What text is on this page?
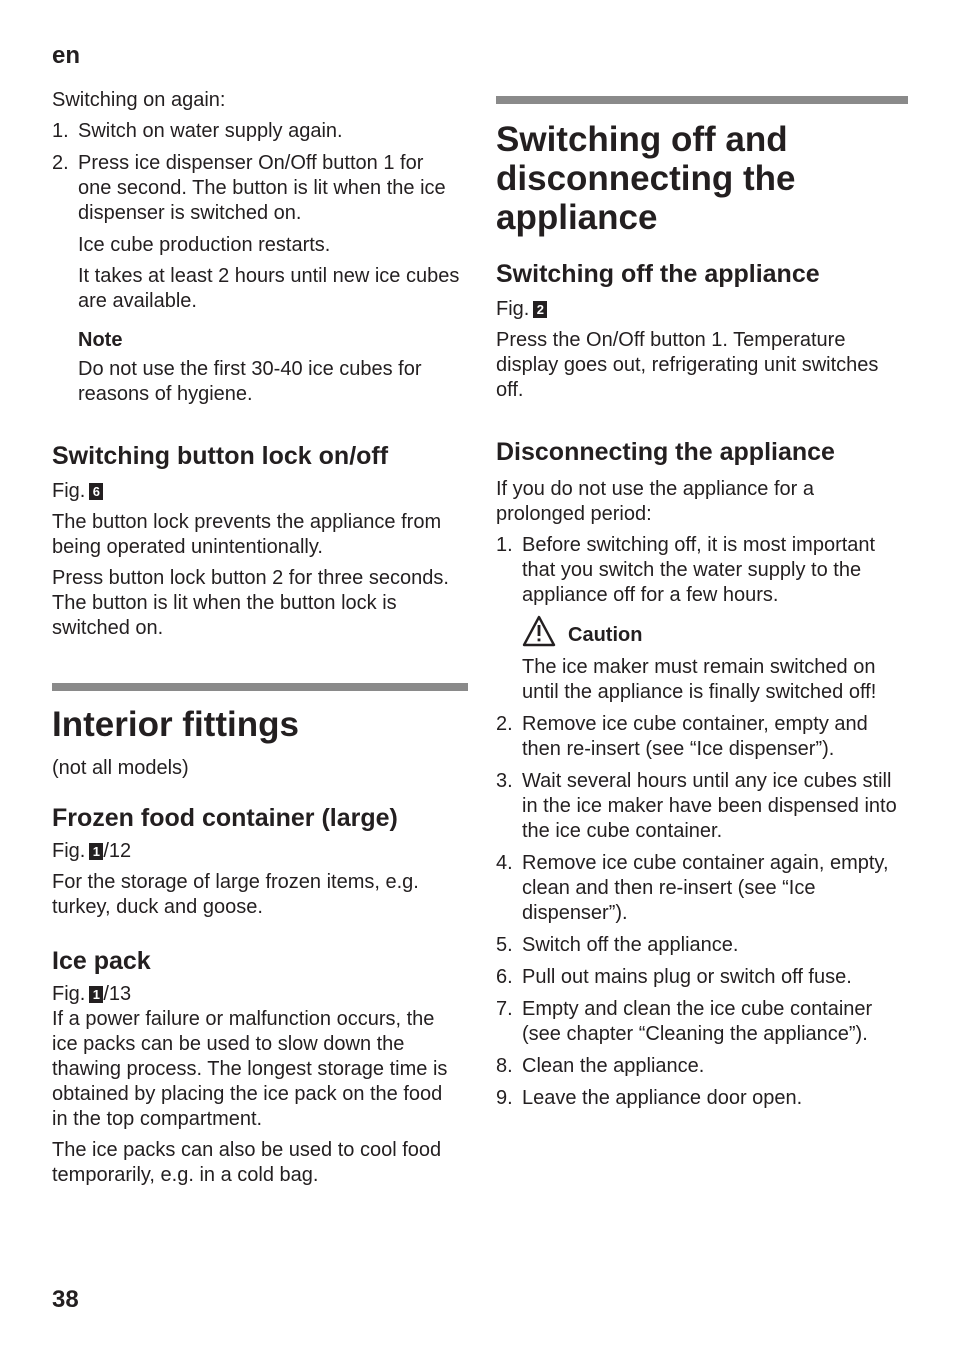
en

Switching on again:

1. Switch on water supply again.
2. Press ice dispenser On/Off button 1 for one second. The button is lit when the ice dispenser is switched on.

Ice cube production restarts.

It takes at least 2 hours until new ice cubes are available.

Note

Do not use the first 30-40 ice cubes for reasons of hygiene.

Switching button lock on/off
Fig. 6

The button lock prevents the appliance from being operated unintentionally.

Press button lock button 2 for three seconds. The button is lit when the button lock is switched on.

Interior fittings

(not all models)

Frozen food container (large)
Fig. 1 /12

For the storage of large frozen items, e.g. turkey, duck and goose.

Ice pack
Fig. 1 /13

If a power failure or malfunction occurs, the ice packs can be used to slow down the thawing process. The longest storage time is obtained by placing the ice pack on the food in the top compartment.

The ice packs can also be used to cool food temporarily, e.g. in a cold bag.

Switching off and disconnecting the appliance
Switching off the appliance
Fig. 2

Press the On/Off button 1. Temperature display goes out, refrigerating unit switches off.

Disconnecting the appliance

If you do not use the appliance for a prolonged period:

1. Before switching off, it is most important that you switch the water supply to the appliance off for a few hours.
Caution

The ice maker must remain switched on until the appliance is finally switched off!

2. Remove ice cube container, empty and then re-insert (see “Ice dispenser”).
3. Wait several hours until any ice cubes still in the ice maker have been dispensed into the ice cube container.
4. Remove ice cube container again, empty, clean and then re-insert (see “Ice dispenser”).
5. Switch off the appliance.
6. Pull out mains plug or switch off fuse.
7. Empty and clean the ice cube container (see chapter “Cleaning the appliance”).
8. Clean the appliance.
9. Leave the appliance door open.
38
